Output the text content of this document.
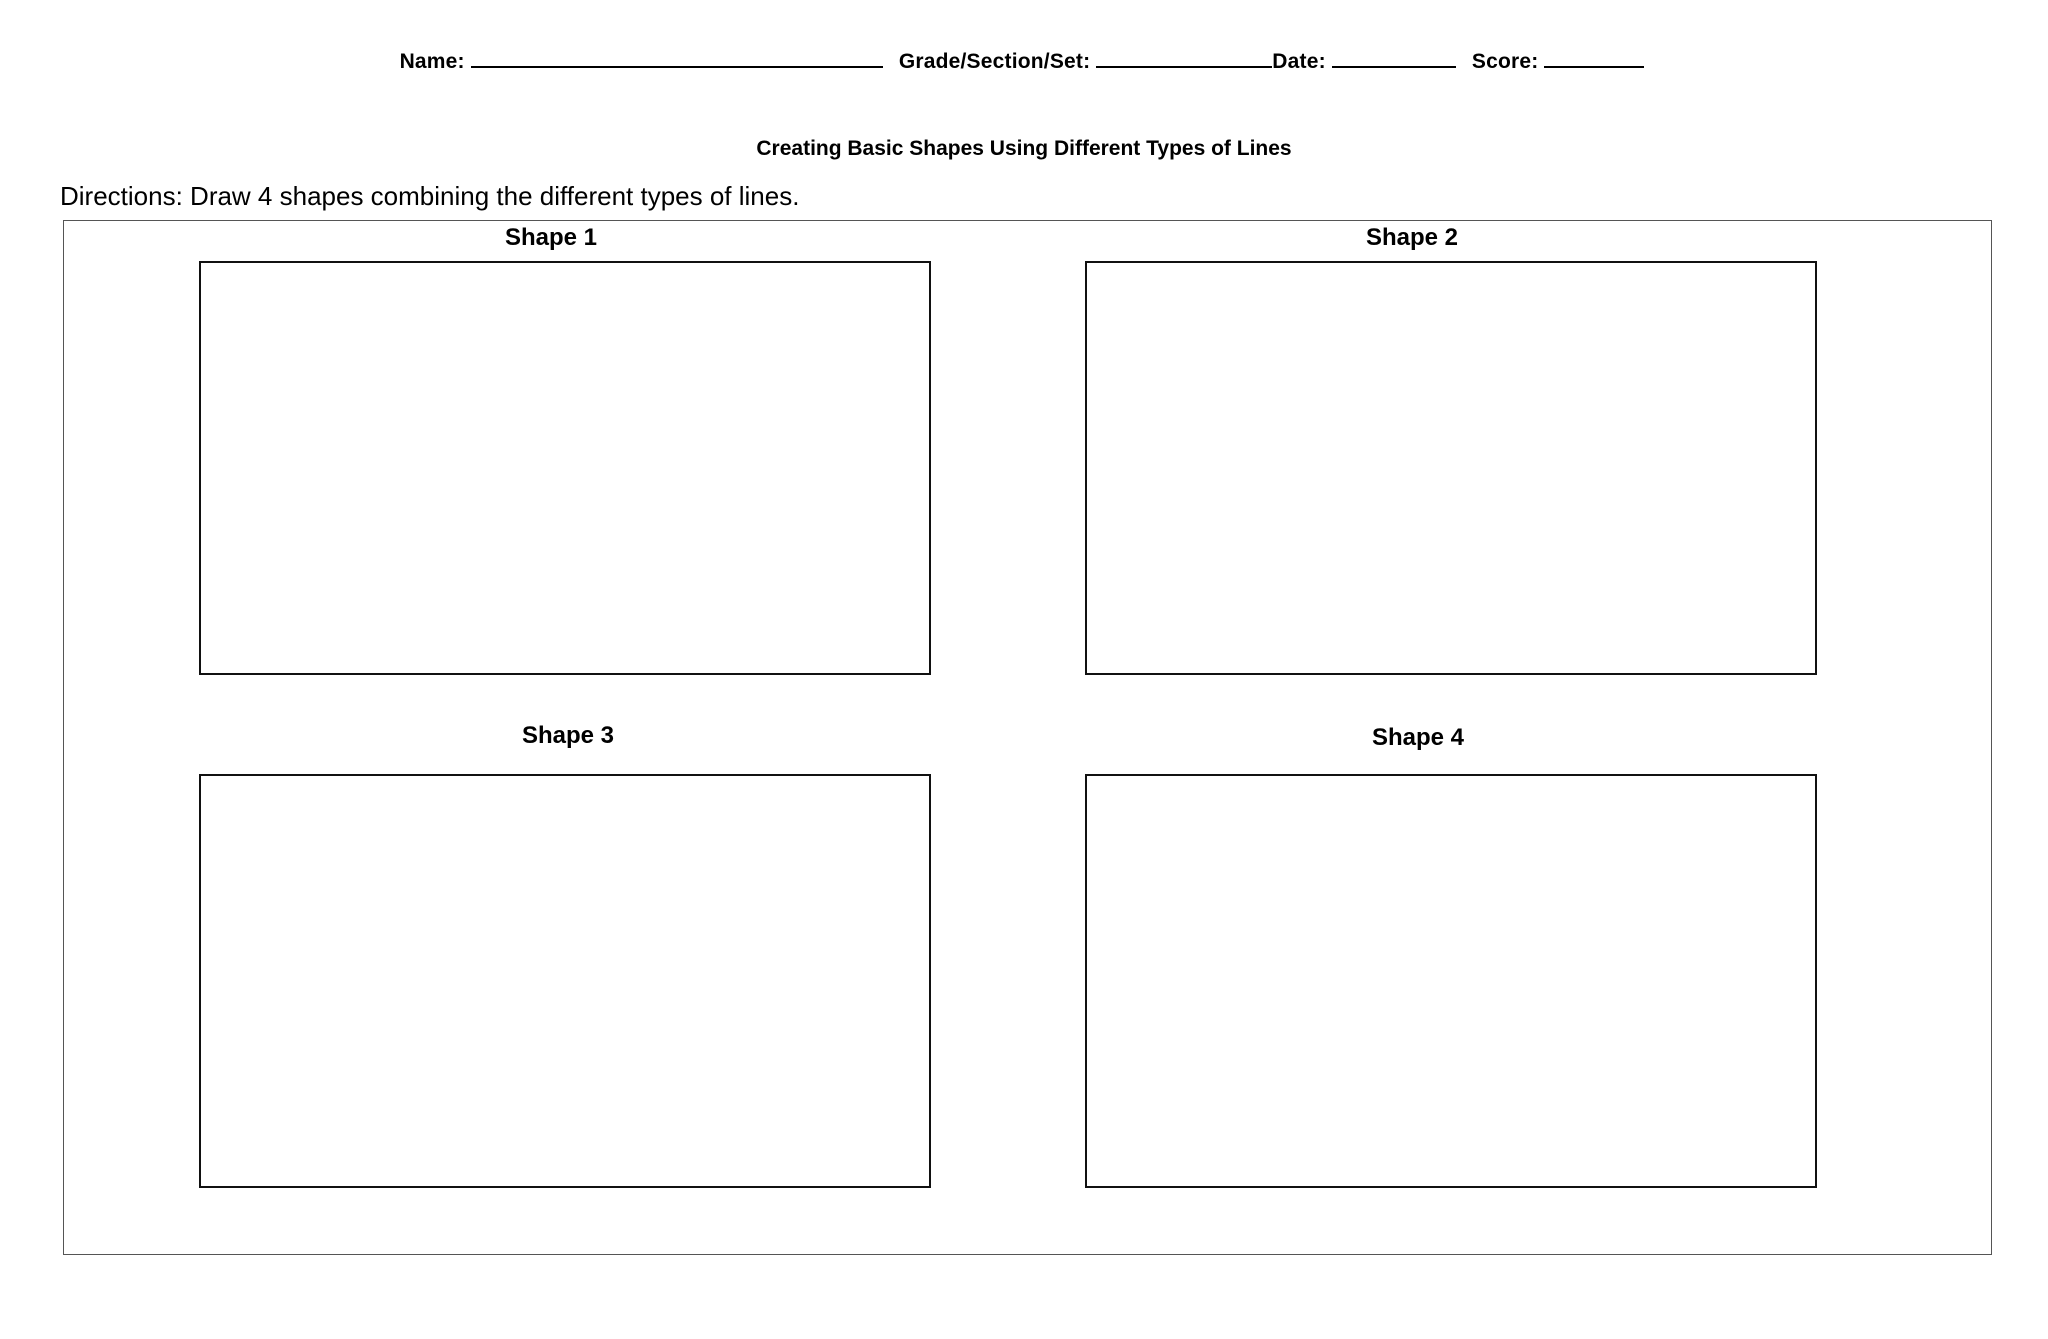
Name:	Grade/Section/Set:	Date:	Score:
Creating Basic Shapes Using Different Types of Lines
Directions: Draw 4 shapes combining the different types of lines.
Shape 1	Shape 2
Shape 3	Shape 4
